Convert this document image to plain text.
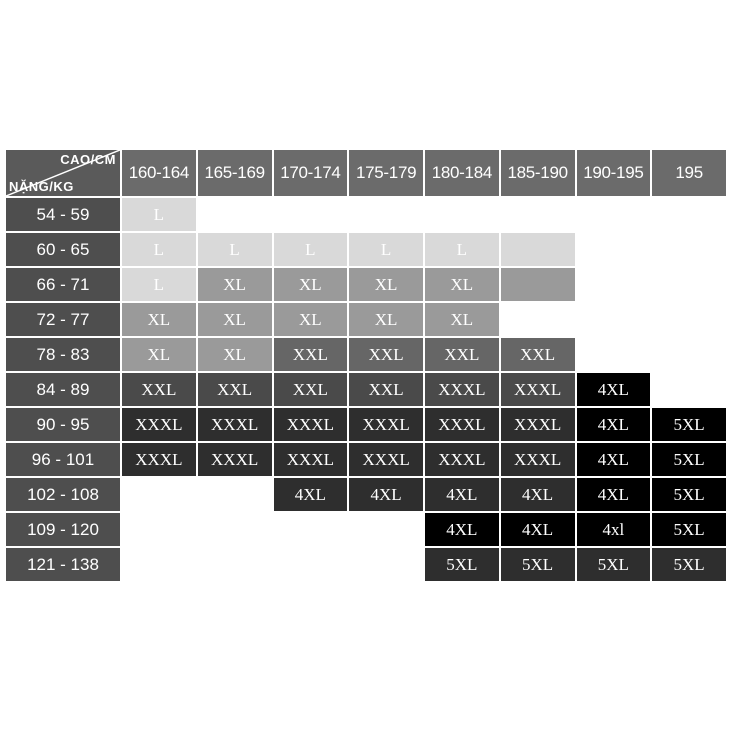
CAO/CM
NẶNG/KG	160-164	165-169	170-174	175-179	180-184	185-190	190-195	195
54 - 59	L							

60 - 65	L	L	L	L	L			

66 - 71	L	XL	XL	XL	XL			

72 - 77	XL	XL	XL	XL	XL			

78 - 83	XL	XL	XXL	XXL	XXL	XXL		

84 - 89	XXL	XXL	XXL	XXL	XXXL	XXXL	4XL	

90 - 95	XXXL	XXXL	XXXL	XXXL	XXXL	XXXL	4XL	5XL

96 - 101	XXXL	XXXL	XXXL	XXXL	XXXL	XXXL	4XL	5XL

102 - 108			4XL	4XL	4XL	4XL	4XL	5XL

109 - 120					4XL	4XL	4xl	5XL

121 - 138					5XL	5XL	5XL	5XL
